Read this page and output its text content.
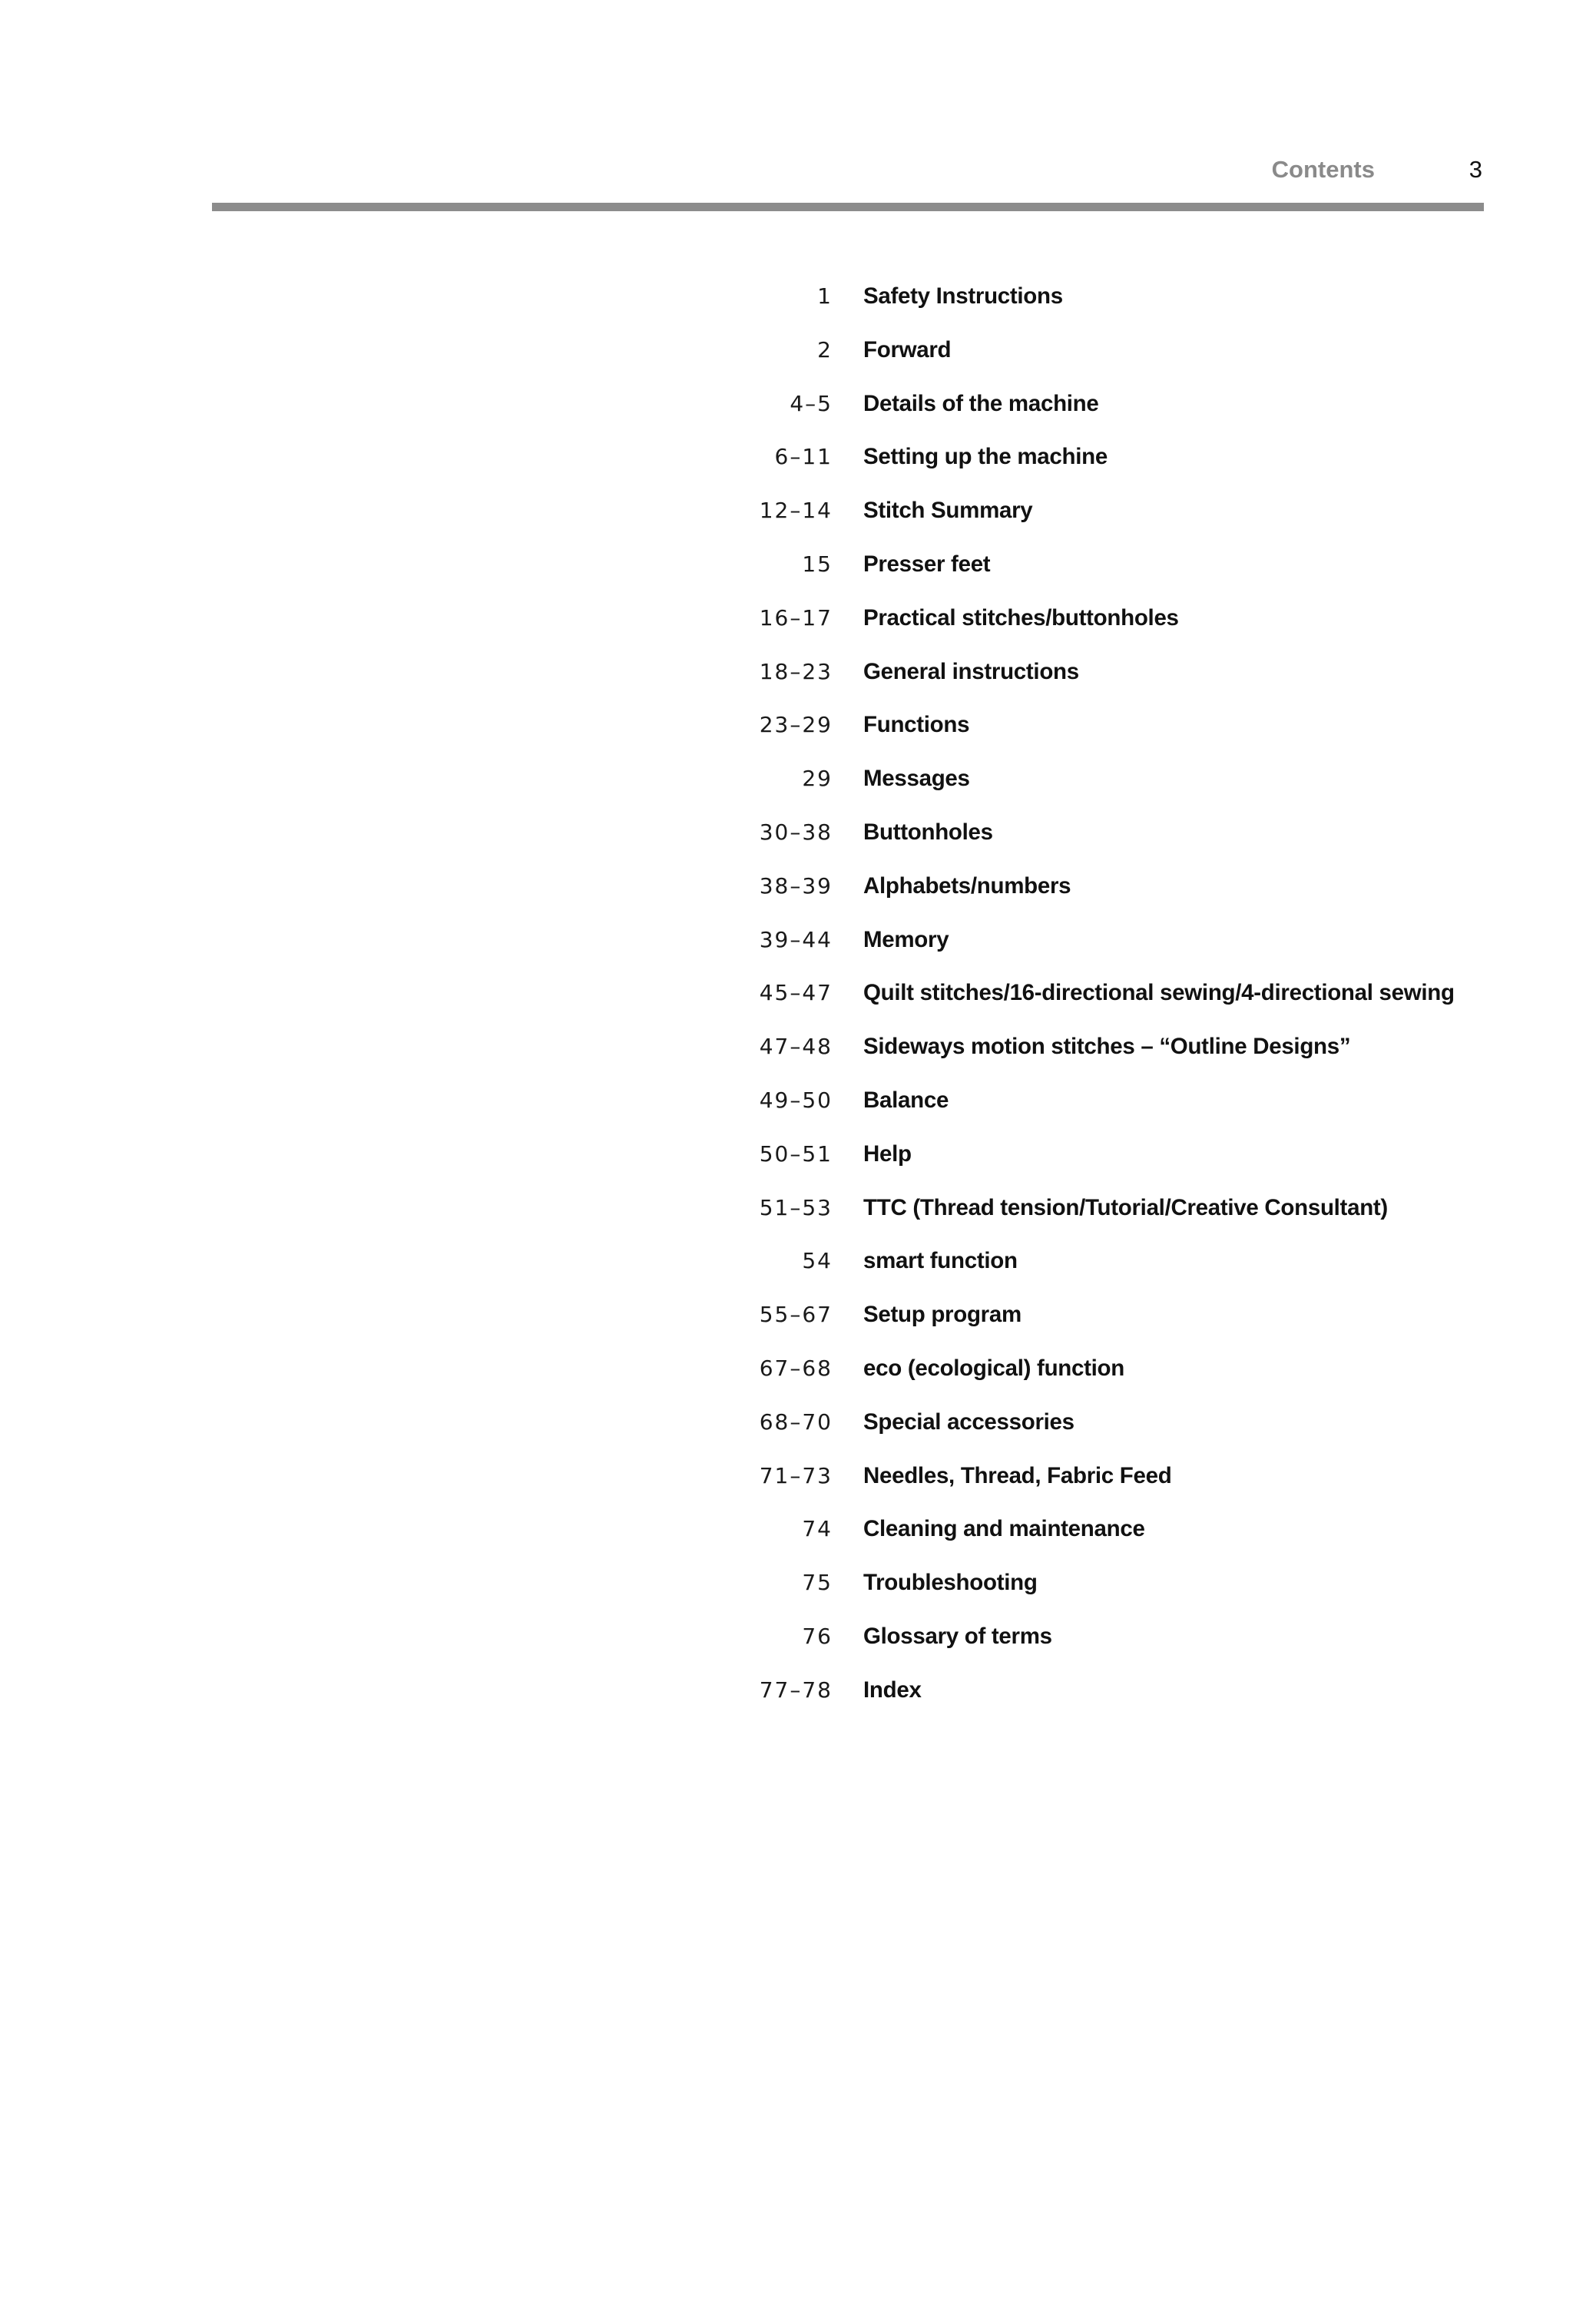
Contents	3
1 Safety Instructions
2 Forward
4–5 Details of the machine
6–11 Setting up the machine
12–14 Stitch Summary
15 Presser feet
16–17 Practical stitches/buttonholes
18–23 General instructions
23–29 Functions
29 Messages
30–38 Buttonholes
38–39 Alphabets/numbers
39–44 Memory
45–47 Quilt stitches/16-directional sewing/4-directional sewing
47–48 Sideways motion stitches – “Outline Designs”
49–50 Balance
50–51 Help
51–53 TTC (Thread tension/Tutorial/Creative Consultant)
54 smart function
55–67 Setup program
67–68 eco (ecological) function
68–70 Special accessories
71–73 Needles, Thread, Fabric Feed
74 Cleaning and maintenance
75 Troubleshooting
76 Glossary of terms
77–78 Index
